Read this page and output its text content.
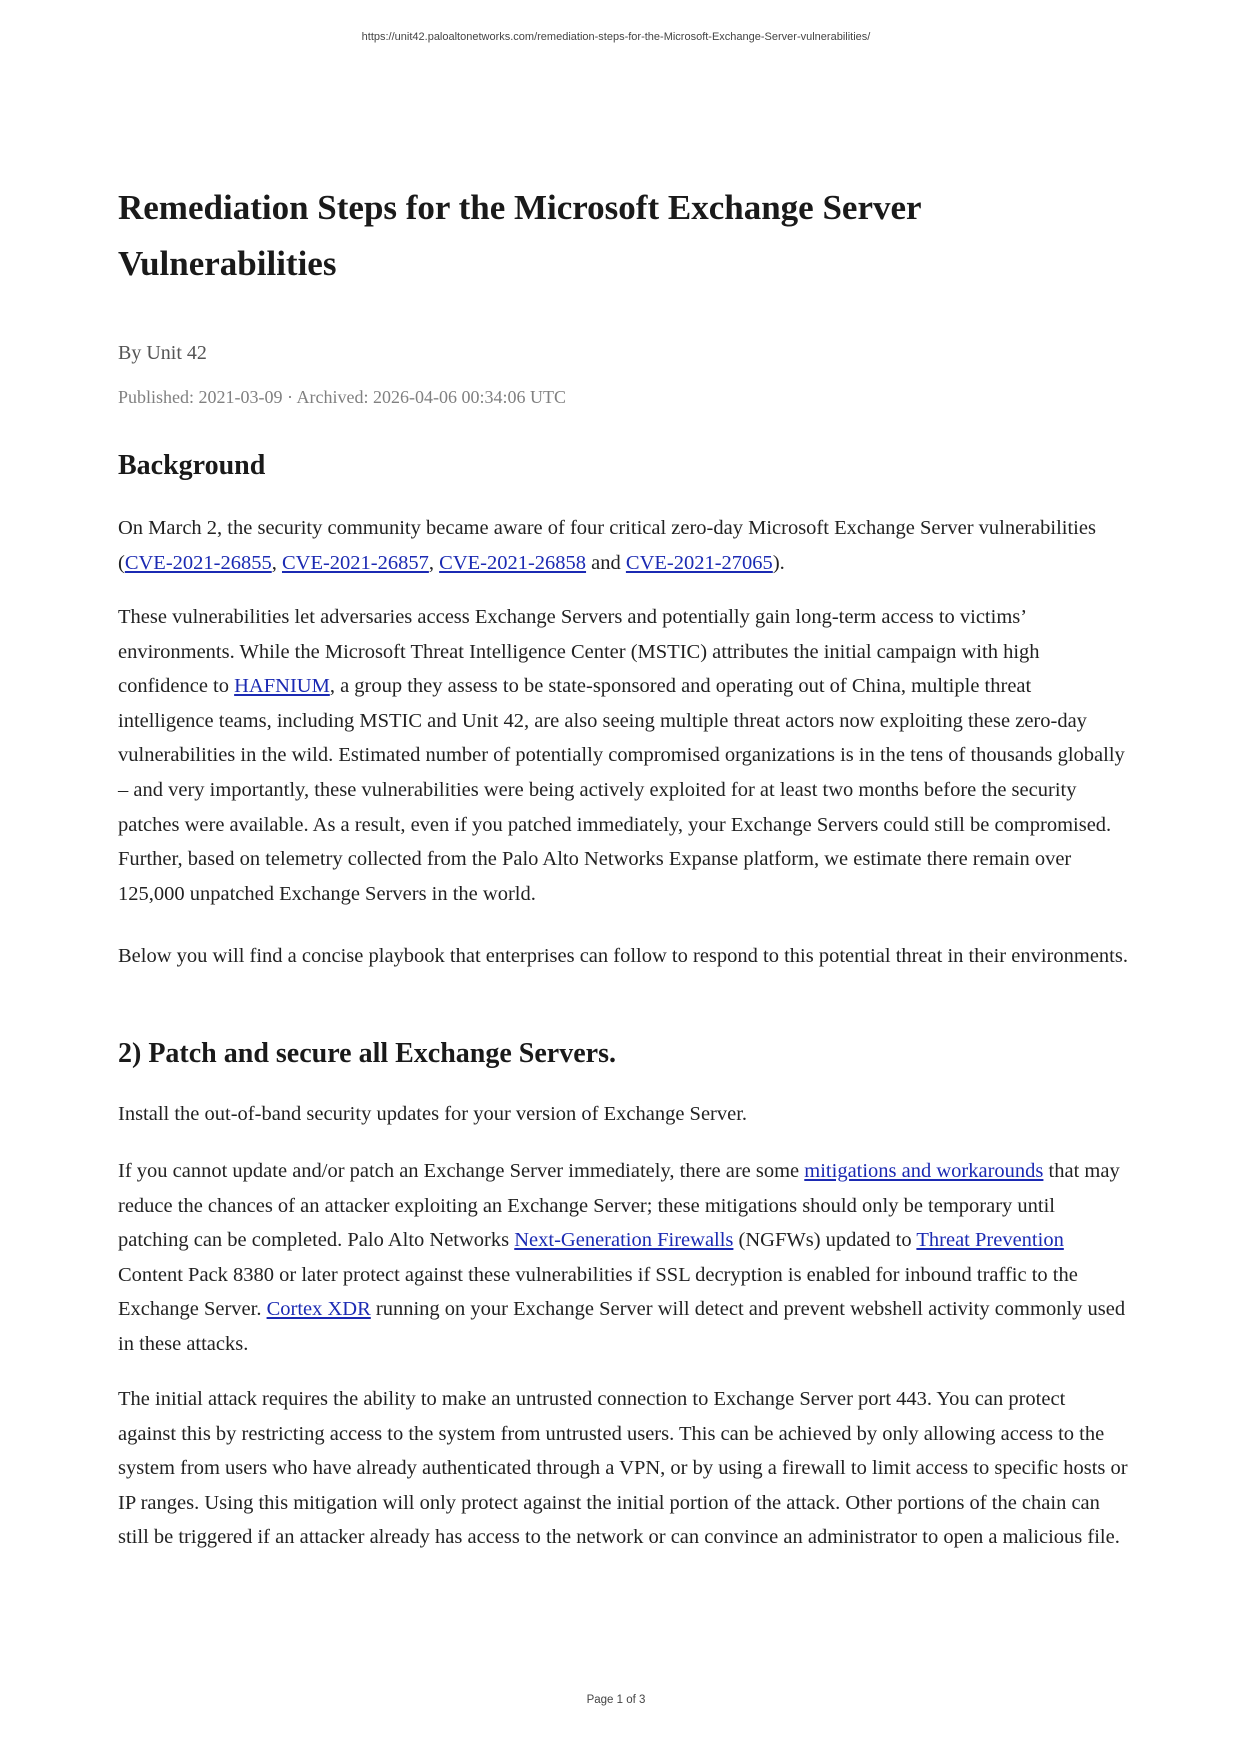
https://unit42.paloaltonetworks.com/remediation-steps-for-the-Microsoft-Exchange-Server-vulnerabilities/
Remediation Steps for the Microsoft Exchange Server Vulnerabilities

By Unit 42

Published: 2021-03-09 · Archived: 2026-04-06 00:34:06 UTC

Background

On March 2, the security community became aware of four critical zero-day Microsoft Exchange Server vulnerabilities (CVE-2021-26855, CVE-2021-26857, CVE-2021-26858 and CVE-2021-27065).

These vulnerabilities let adversaries access Exchange Servers and potentially gain long-term access to victims’ environments. While the Microsoft Threat Intelligence Center (MSTIC) attributes the initial campaign with high confidence to HAFNIUM, a group they assess to be state-sponsored and operating out of China, multiple threat intelligence teams, including MSTIC and Unit 42, are also seeing multiple threat actors now exploiting these zero-day vulnerabilities in the wild. Estimated number of potentially compromised organizations is in the tens of thousands globally – and very importantly, these vulnerabilities were being actively exploited for at least two months before the security patches were available. As a result, even if you patched immediately, your Exchange Servers could still be compromised. Further, based on telemetry collected from the Palo Alto Networks Expanse platform, we estimate there remain over 125,000 unpatched Exchange Servers in the world.

Below you will find a concise playbook that enterprises can follow to respond to this potential threat in their environments.

2) Patch and secure all Exchange Servers.

Install the out-of-band security updates for your version of Exchange Server.

If you cannot update and/or patch an Exchange Server immediately, there are some mitigations and workarounds that may reduce the chances of an attacker exploiting an Exchange Server; these mitigations should only be temporary until patching can be completed. Palo Alto Networks Next-Generation Firewalls (NGFWs) updated to Threat Prevention Content Pack 8380 or later protect against these vulnerabilities if SSL decryption is enabled for inbound traffic to the Exchange Server. Cortex XDR running on your Exchange Server will detect and prevent webshell activity commonly used in these attacks.

The initial attack requires the ability to make an untrusted connection to Exchange Server port 443. You can protect against this by restricting access to the system from untrusted users. This can be achieved by only allowing access to the system from users who have already authenticated through a VPN, or by using a firewall to limit access to specific hosts or IP ranges. Using this mitigation will only protect against the initial portion of the attack. Other portions of the chain can still be triggered if an attacker already has access to the network or can convince an administrator to open a malicious file.

Page 1 of 3
